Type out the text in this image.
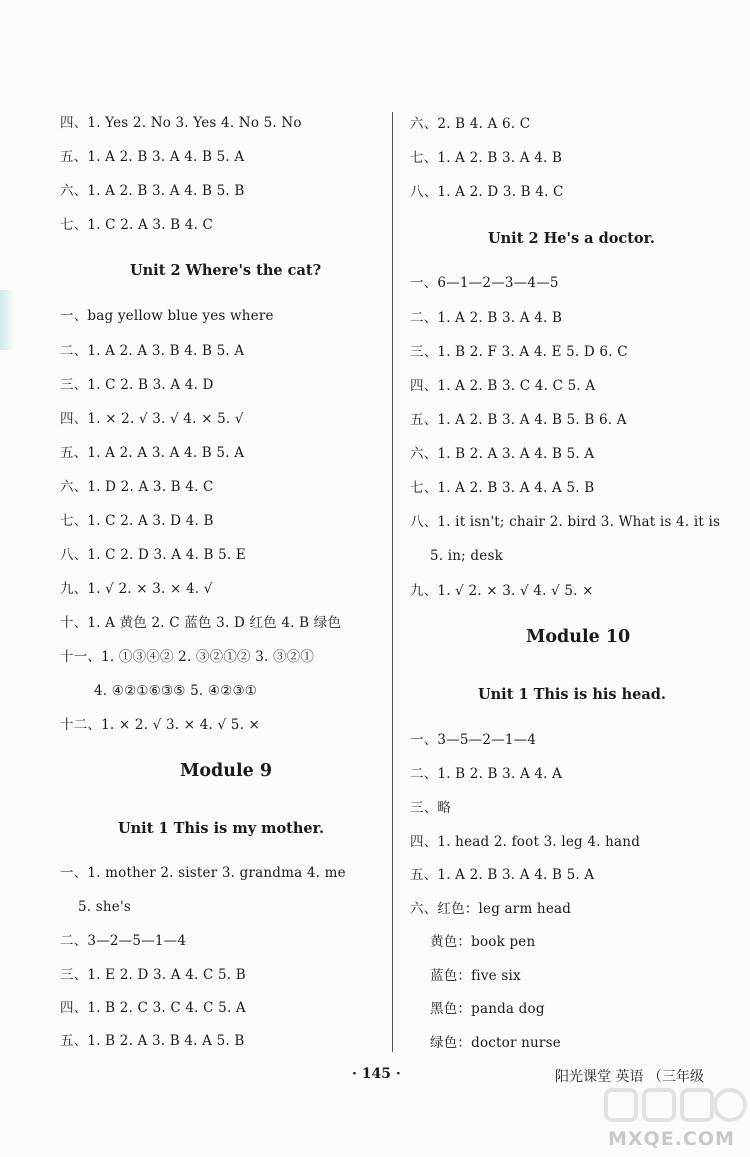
四、1. Yes 2. No 3. Yes 4. No 5. No
五、1. A 2. B 3. A 4. B 5. A
六、1. A 2. B 3. A 4. B 5. B
七、1. C 2. A 3. B 4. C
Unit 2 Where's the cat?
一、bag yellow blue yes where
二、1. A 2. A 3. B 4. B 5. A
三、1. C 2. B 3. A 4. D
四、1. × 2. √ 3. √ 4. × 5. √
五、1. A 2. A 3. A 4. B 5. A
六、1. D 2. A 3. B 4. C
七、1. C 2. A 3. D 4. B
八、1. C 2. D 3. A 4. B 5. E
九、1. √ 2. × 3. × 4. √
十、1. A 黄色 2. C 蓝色 3. D 红色 4. B 绿色
十一、1. ①③④② 2. ③②①② 3. ③②①
4. ④②①⑥③⑤ 5. ④②③①
十二、1. × 2. √ 3. × 4. √ 5. ×
Module 9
Unit 1 This is my mother.
一、1. mother 2. sister 3. grandma 4. me
5. she's
二、3—2—5—1—4
三、1. E 2. D 3. A 4. C 5. B
四、1. B 2. C 3. C 4. C 5. A
五、1. B 2. A 3. B 4. A 5. B
六、2. B 4. A 6. C
七、1. A 2. B 3. A 4. B
八、1. A 2. D 3. B 4. C
Unit 2 He's a doctor.
一、6—1—2—3—4—5
二、1. A 2. B 3. A 4. B
三、1. B 2. F 3. A 4. E 5. D 6. C
四、1. A 2. B 3. C 4. C 5. A
五、1. A 2. B 3. A 4. B 5. B 6. A
六、1. B 2. A 3. A 4. B 5. A
七、1. A 2. B 3. A 4. A 5. B
八、1. it isn't; chair 2. bird 3. What is 4. it is
5. in; desk
九、1. √ 2. × 3. √ 4. √ 5. ×
Module 10
Unit 1 This is his head.
一、3—5—2—1—4
二、1. B 2. B 3. A 4. A
三、略
四、1. head 2. foot 3. leg 4. hand
五、1. A 2. B 3. A 4. B 5. A
六、红色：leg arm head
黄色：book pen
蓝色：five six
黑色：panda dog
绿色：doctor nurse
· 145 ·	阳光课堂 英语 （三年级
MXQE.COM
